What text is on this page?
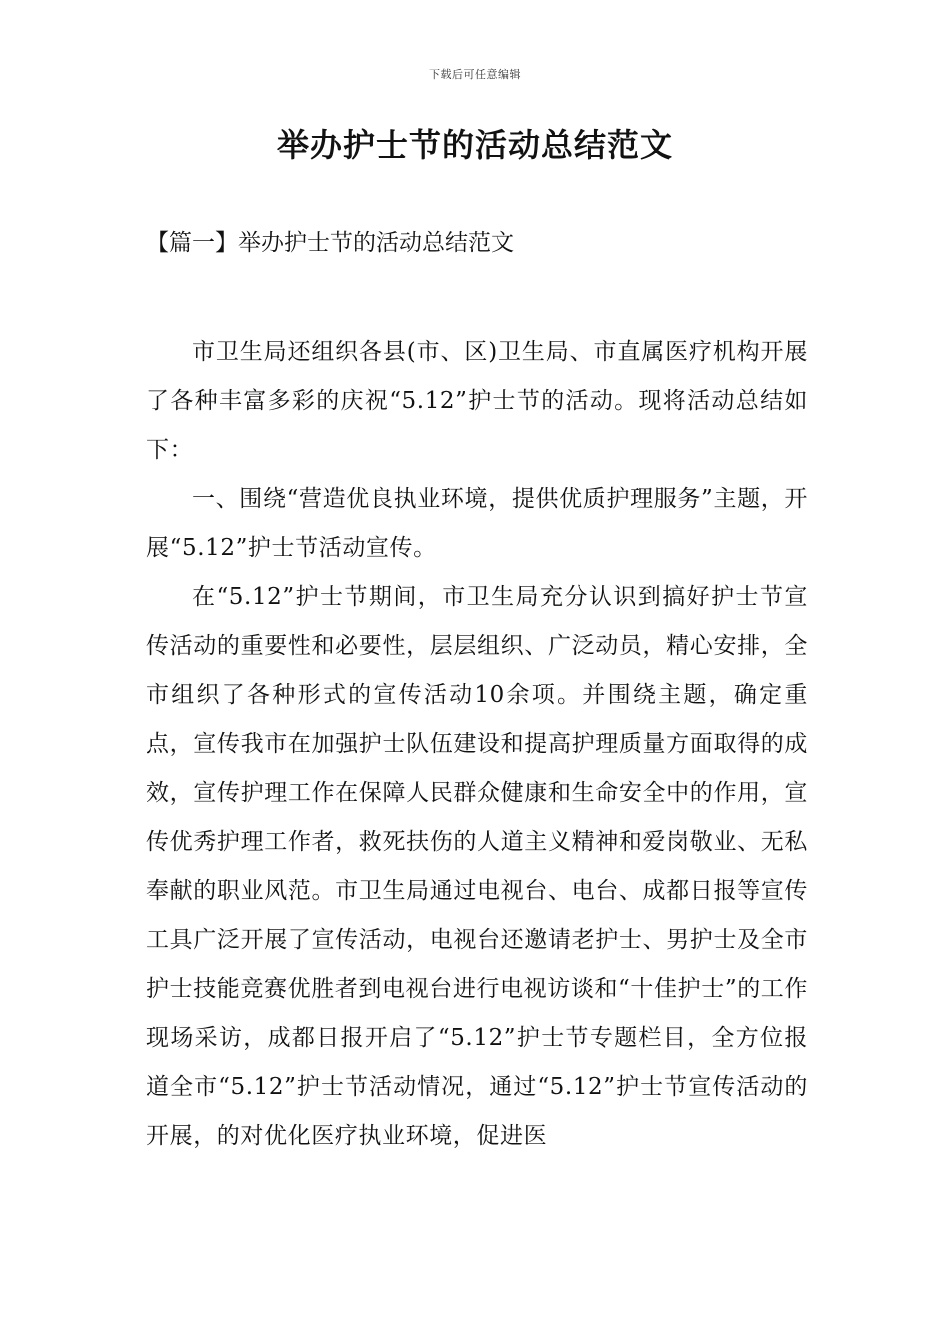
下载后可任意编辑
举办护士节的活动总结范文
【篇一】举办护士节的活动总结范文

市卫生局还组织各县(市、区)卫生局、市直属医疗机构开展了各种丰富多彩的庆祝“5.12”护士节的活动。现将活动总结如下：

一、围绕“营造优良执业环境，提供优质护理服务”主题，开展“5.12”护士节活动宣传。

在“5.12”护士节期间，市卫生局充分认识到搞好护士节宣传活动的重要性和必要性，层层组织、广泛动员，精心安排，全市组织了各种形式的宣传活动10余项。并围绕主题，确定重点，宣传我市在加强护士队伍建设和提高护理质量方面取得的成效，宣传护理工作在保障人民群众健康和生命安全中的作用，宣传优秀护理工作者，救死扶伤的人道主义精神和爱岗敬业、无私奉献的职业风范。市卫生局通过电视台、电台、成都日报等宣传工具广泛开展了宣传活动，电视台还邀请老护士、男护士及全市护士技能竞赛优胜者到电视台进行电视访谈和“十佳护士”的工作现场采访，成都日报开启了“5.12”护士节专题栏目，全方位报道全市“5.12”护士节活动情况，通过“5.12”护士节宣传活动的开展，的对优化医疗执业环境，促进医
